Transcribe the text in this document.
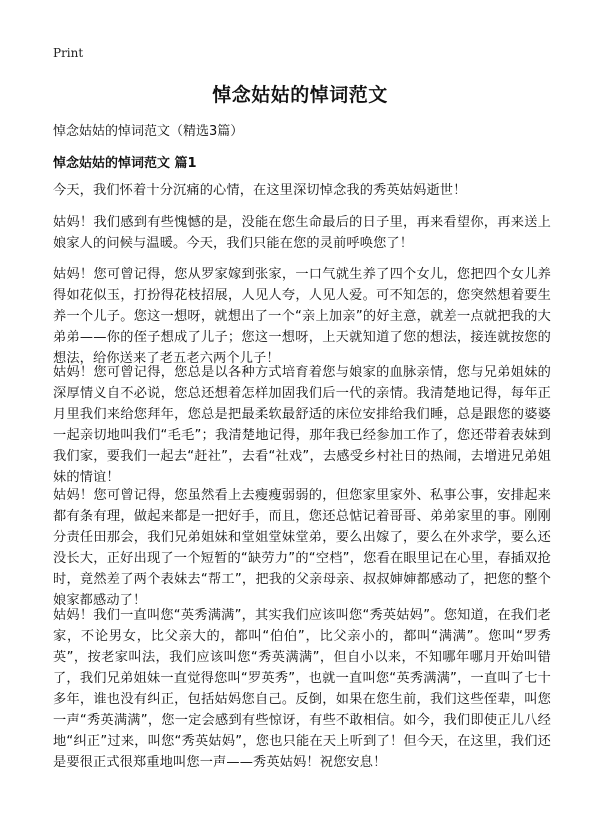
Print
悼念姑姑的悼词范文
悼念姑姑的悼词范文（精选3篇）
悼念姑姑的悼词范文 篇1
今天，我们怀着十分沉痛的心情，在这里深切悼念我的秀英姑妈逝世！
姑妈！我们感到有些愧憾的是，没能在您生命最后的日子里，再来看望你，再来送上娘家人的问候与温暖。今天，我们只能在您的灵前呼唤您了！
姑妈！您可曾记得，您从罗家嫁到张家，一口气就生养了四个女儿，您把四个女儿养得如花似玉，打扮得花枝招展，人见人夸，人见人爱。可不知怎的，您突然想着要生养一个儿子。您这一想呀，就想出了一个“亲上加亲”的好主意，就差一点就把我的大弟弟——你的侄子想成了儿子；您这一想呀，上天就知道了您的想法，接连就按您的想法，给你送来了老五老六两个儿子！
姑妈！您可曾记得，您总是以各种方式培育着您与娘家的血脉亲情，您与兄弟姐妹的深厚情义自不必说，您总还想着怎样加固我们后一代的亲情。我清楚地记得，每年正月里我们来给您拜年，您总是把最柔软最舒适的床位安排给我们睡，总是跟您的婆婆一起亲切地叫我们“毛毛”；我清楚地记得，那年我已经参加工作了，您还带着表妹到我们家，要我们一起去“赶社”，去看“社戏”，去感受乡村社日的热闹，去增进兄弟姐妹的情谊！
姑妈！您可曾记得，您虽然看上去瘦瘦弱弱的，但您家里家外、私事公事，安排起来都有条有理，做起来都是一把好手，而且，您还总惦记着哥哥、弟弟家里的事。刚刚分责任田那会，我们兄弟姐妹和堂姐堂妹堂弟，要么出嫁了，要么在外求学，要么还没长大，正好出现了一个短暂的“缺劳力”的“空档”，您看在眼里记在心里，春插双抢时，竟然差了两个表妹去“帮工”，把我的父亲母亲、叔叔婶婶都感动了，把您的整个娘家都感动了！
姑妈！我们一直叫您“英秀满满”，其实我们应该叫您“秀英姑妈”。您知道，在我们老家，不论男女，比父亲大的，都叫“伯伯”，比父亲小的，都叫“满满”。您叫“罗秀英”，按老家叫法，我们应该叫您“秀英满满”，但自小以来，不知哪年哪月开始叫错了，我们兄弟姐妹一直觉得您叫“罗英秀”，也就一直叫您“英秀满满”，一直叫了七十多年，谁也没有纠正，包括姑妈您自己。反倒，如果在您生前，我们这些侄辈，叫您一声“秀英满满”，您一定会感到有些惊讶，有些不敢相信。如今，我们即使正儿八经地“纠正”过来，叫您“秀英姑妈”，您也只能在天上听到了！但今天，在这里，我们还是要很正式很郑重地叫您一声——秀英姑妈！祝您安息！
